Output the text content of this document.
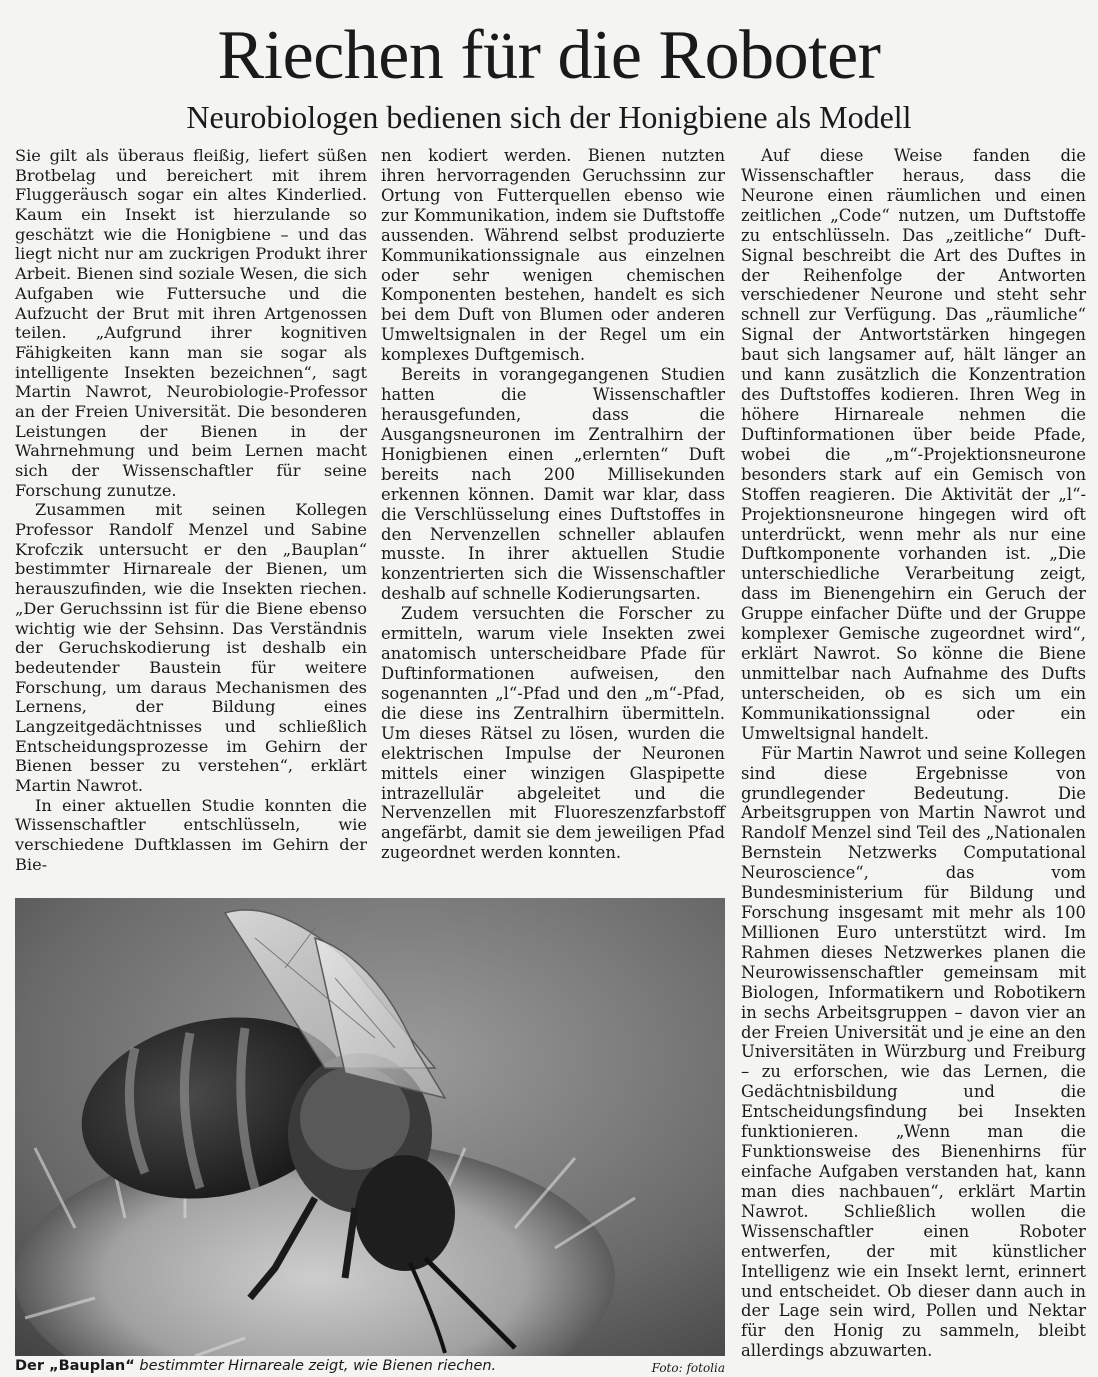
Riechen für die Roboter
Neurobiologen bedienen sich der Honigbiene als Modell

Sie gilt als überaus fleißig, liefert süßen Brotbelag und bereichert mit ihrem Fluggeräusch sogar ein altes Kinderlied. Kaum ein Insekt ist hierzulande so geschätzt wie die Honigbiene – und das liegt nicht nur am zuckrigen Produkt ihrer Arbeit. Bienen sind soziale Wesen, die sich Aufgaben wie Futtersuche und die Aufzucht der Brut mit ihren Artgenossen teilen. „Aufgrund ihrer kognitiven Fähigkeiten kann man sie sogar als intelligente Insekten bezeichnen“, sagt Martin Nawrot, Neurobiologie-Professor an der Freien Universität. Die besonderen Leistungen der Bienen in der Wahrnehmung und beim Lernen macht sich der Wissenschaftler für seine Forschung zunutze.

Zusammen mit seinen Kollegen Professor Randolf Menzel und Sabine Krofczik untersucht er den „Bauplan“ bestimmter Hirnareale der Bienen, um herauszufinden, wie die Insekten riechen. „Der Geruchssinn ist für die Biene ebenso wichtig wie der Sehsinn. Das Verständnis der Geruchskodierung ist deshalb ein bedeutender Baustein für weitere Forschung, um daraus Mechanismen des Lernens, der Bildung eines Langzeitgedächtnisses und schließlich Entscheidungsprozesse im Gehirn der Bienen besser zu verstehen“, erklärt Martin Nawrot.

In einer aktuellen Studie konnten die Wissenschaftler entschlüsseln, wie verschiedene Duftklassen im Gehirn der Bie-

nen kodiert werden. Bienen nutzten ihren hervorragenden Geruchssinn zur Ortung von Futterquellen ebenso wie zur Kommunikation, indem sie Duftstoffe aussenden. Während selbst produzierte Kommunikationssignale aus einzelnen oder sehr wenigen chemischen Komponenten bestehen, handelt es sich bei dem Duft von Blumen oder anderen Umweltsignalen in der Regel um ein komplexes Duftgemisch.

Bereits in vorangegangenen Studien hatten die Wissenschaftler herausgefunden, dass die Ausgangsneuronen im Zentralhirn der Honigbienen einen „erlernten“ Duft bereits nach 200 Millisekunden erkennen können. Damit war klar, dass die Verschlüsselung eines Duftstoffes in den Nervenzellen schneller ablaufen musste. In ihrer aktuellen Studie konzentrierten sich die Wissenschaftler deshalb auf schnelle Kodierungsarten.

Zudem versuchten die Forscher zu ermitteln, warum viele Insekten zwei anatomisch unterscheidbare Pfade für Duftinformationen aufweisen, den sogenannten „l“-Pfad und den „m“-Pfad, die diese ins Zentralhirn übermitteln. Um dieses Rätsel zu lösen, wurden die elektrischen Impulse der Neuronen mittels einer winzigen Glaspipette intrazellulär abgeleitet und die Nervenzellen mit Fluoreszenzfarbstoff angefärbt, damit sie dem jeweiligen Pfad zugeordnet werden konnten.

Auf diese Weise fanden die Wissenschaftler heraus, dass die Neurone einen räumlichen und einen zeitlichen „Code“ nutzen, um Duftstoffe zu entschlüsseln. Das „zeitliche“ Duft-Signal beschreibt die Art des Duftes in der Reihenfolge der Antworten verschiedener Neurone und steht sehr schnell zur Verfügung. Das „räumliche“ Signal der Antwortstärken hingegen baut sich langsamer auf, hält länger an und kann zusätzlich die Konzentration des Duftstoffes kodieren. Ihren Weg in höhere Hirnareale nehmen die Duftinformationen über beide Pfade, wobei die „m“-Projektionsneurone besonders stark auf ein Gemisch von Stoffen reagieren. Die Aktivität der „l“-Projektionsneurone hingegen wird oft unterdrückt, wenn mehr als nur eine Duftkomponente vorhanden ist. „Die unterschiedliche Verarbeitung zeigt, dass im Bienengehirn ein Geruch der Gruppe einfacher Düfte und der Gruppe komplexer Gemische zugeordnet wird“, erklärt Nawrot. So könne die Biene unmittelbar nach Aufnahme des Dufts unterscheiden, ob es sich um ein Kommunikationssignal oder ein Umweltsignal handelt.

Für Martin Nawrot und seine Kollegen sind diese Ergebnisse von grundlegender Bedeutung. Die Arbeitsgruppen von Martin Nawrot und Randolf Menzel sind Teil des „Nationalen Bernstein Netzwerks Computational Neuroscience“, das vom Bundesministerium für Bildung und Forschung insgesamt mit mehr als 100 Millionen Euro unterstützt wird. Im Rahmen dieses Netzwerkes planen die Neurowissenschaftler gemeinsam mit Biologen, Informatikern und Robotikern in sechs Arbeitsgruppen – davon vier an der Freien Universität und je eine an den Universitäten in Würzburg und Freiburg – zu erforschen, wie das Lernen, die Gedächtnisbildung und die Entscheidungsfindung bei Insekten funktionieren. „Wenn man die Funktionsweise des Bienenhirns für einfache Aufgaben verstanden hat, kann man dies nachbauen“, erklärt Martin Nawrot. Schließlich wollen die Wissenschaftler einen Roboter entwerfen, der mit künstlicher Intelligenz wie ein Insekt lernt, erinnert und entscheidet. Ob dieser dann auch in der Lage sein wird, Pollen und Nektar für den Honig zu sammeln, bleibt allerdings abzuwarten.

Der „Bauplan“ bestimmter Hirnareale zeigt, wie Bienen riechen.	Foto: fotolia
